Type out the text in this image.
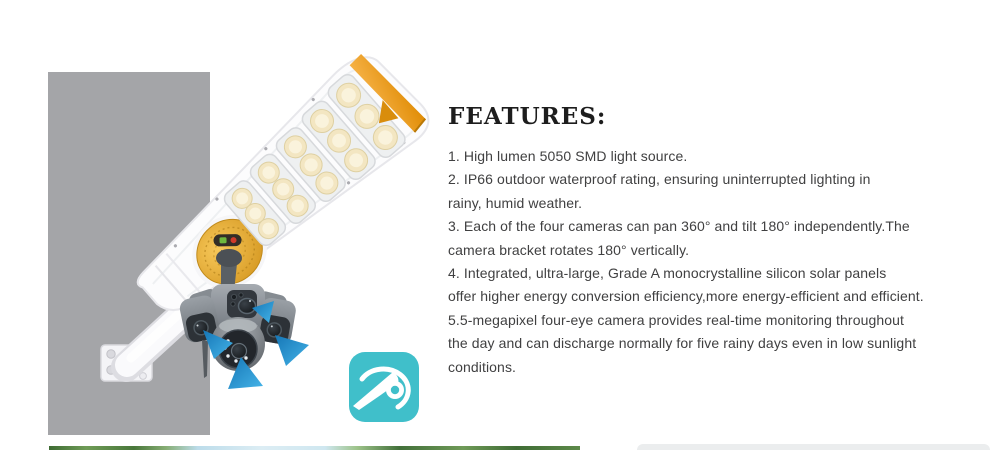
FEATURES:
1. High lumen 5050 SMD light source.
2. IP66 outdoor waterproof rating, ensuring uninterrupted lighting in
rainy, humid weather.
3. Each of the four cameras can pan 360° and tilt 180° independently.The
camera bracket rotates 180° vertically.
4. Integrated, ultra-large, Grade A monocrystalline silicon solar panels
offer higher energy conversion efficiency,more energy-efficient and efficient.
5.5-megapixel four-eye camera provides real-time monitoring throughout
the day and can discharge normally for five rainy days even in low sunlight
conditions.
